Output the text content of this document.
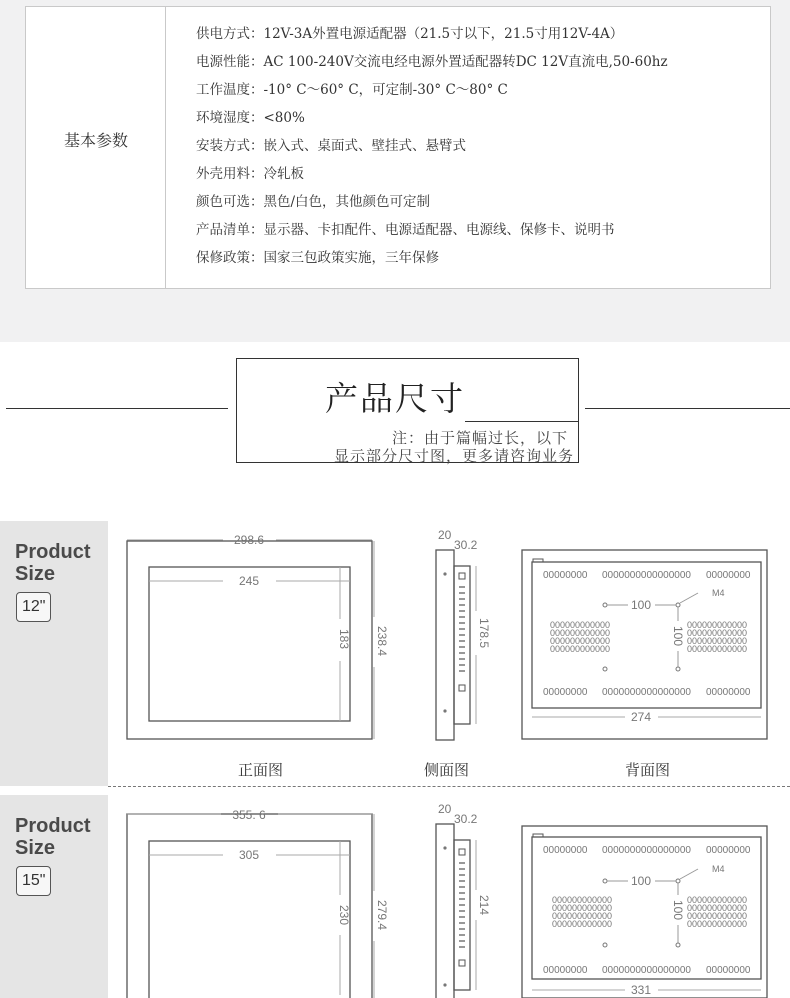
基本参数
供电方式：12V-3A外置电源适配器（21.5寸以下，21.5寸用12V-4A）
电源性能：AC 100-240V交流电经电源外置适配器转DC 12V直流电,50-60hz
工作温度：-10° C～60° C，可定制-30° C～80° C
环境湿度：<80%
安装方式：嵌入式、桌面式、壁挂式、悬臂式
外壳用料：冷轧板
颜色可选：黑色/白色，其他颜色可定制
产品清单：显示器、卡扣配件、电源适配器、电源线、保修卡、说明书
保修政策：国家三包政策实施，三年保修
产品尺寸
注：由于篇幅过长，以下
显示部分尺寸图，更多请咨询业务
Product
Size
12"
298.6
245
183 238.4
20
30.2
178.5
00000000 0000000000000000 00000000
00000000 0000000000000000 00000000
000000000000
000000000000
000000000000
000000000000
000000000000
000000000000
000000000000
000000000000
100
100
M4
274
正面图	侧面图	背面图
Product
Size
15"
355. 6
305
230 279.4
20
30.2
214
00000000 0000000000000000 00000000
00000000 0000000000000000 00000000
000000000000
000000000000
000000000000
000000000000
000000000000
000000000000
000000000000
000000000000
100
100
M4
331
